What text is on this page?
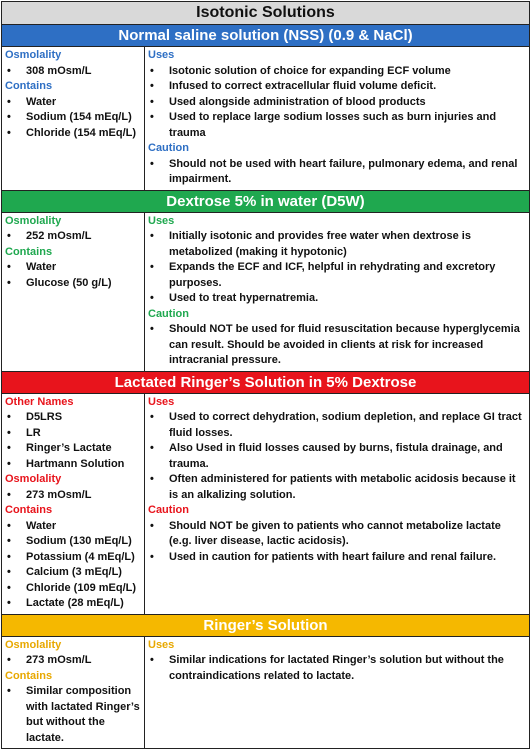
Isotonic Solutions
Normal saline solution (NSS) (0.9 & NaCl)
Osmolality
•	308 mOsm/L
Contains
•	Water
•	Sodium (154 mEq/L)
•	Chloride (154 mEq/L)
Uses
•	Isotonic solution of choice for expanding ECF volume
•	Infused to correct extracellular fluid volume deficit.
•	Used alongside administration of blood products
•	Used to replace large sodium losses such as burn injuries and trauma
Caution
•	Should not be used with heart failure, pulmonary edema, and renal impairment.
Dextrose 5% in water (D5W)
Osmolality
•	252 mOsm/L
Contains
•	Water
•	Glucose (50 g/L)
Uses
•	Initially isotonic and provides free water when dextrose is metabolized (making it hypotonic)
•	Expands the ECF and ICF, helpful in rehydrating and excretory purposes.
•	Used to treat hypernatremia.
Caution
•	Should NOT be used for fluid resuscitation because hyperglycemia can result. Should be avoided in clients at risk for increased intracranial pressure.
Lactated Ringer’s Solution in 5% Dextrose
Other Names
•	D5LRS
•	LR
•	Ringer’s Lactate
•	Hartmann Solution
Osmolality
•	273 mOsm/L
Contains
•	Water
•	Sodium (130 mEq/L)
•	Potassium (4 mEq/L)
•	Calcium (3 mEq/L)
•	Chloride (109 mEq/L)
•	Lactate (28 mEq/L)
Uses
•	Used to correct dehydration, sodium depletion, and replace GI tract fluid losses.
•	Also Used in fluid losses caused by burns, fistula drainage, and trauma.
•	Often administered for patients with metabolic acidosis because it is an alkalizing solution.
Caution
•	Should NOT be given to patients who cannot metabolize lactate (e.g. liver disease, lactic acidosis).
•	Used in caution for patients with heart failure and renal failure.
Ringer’s Solution
Osmolality
•	273 mOsm/L
Contains
•	Similar composition with lactated Ringer’s but without the lactate.
Uses
•	Similar indications for lactated Ringer’s solution but without the contraindications related to lactate.
